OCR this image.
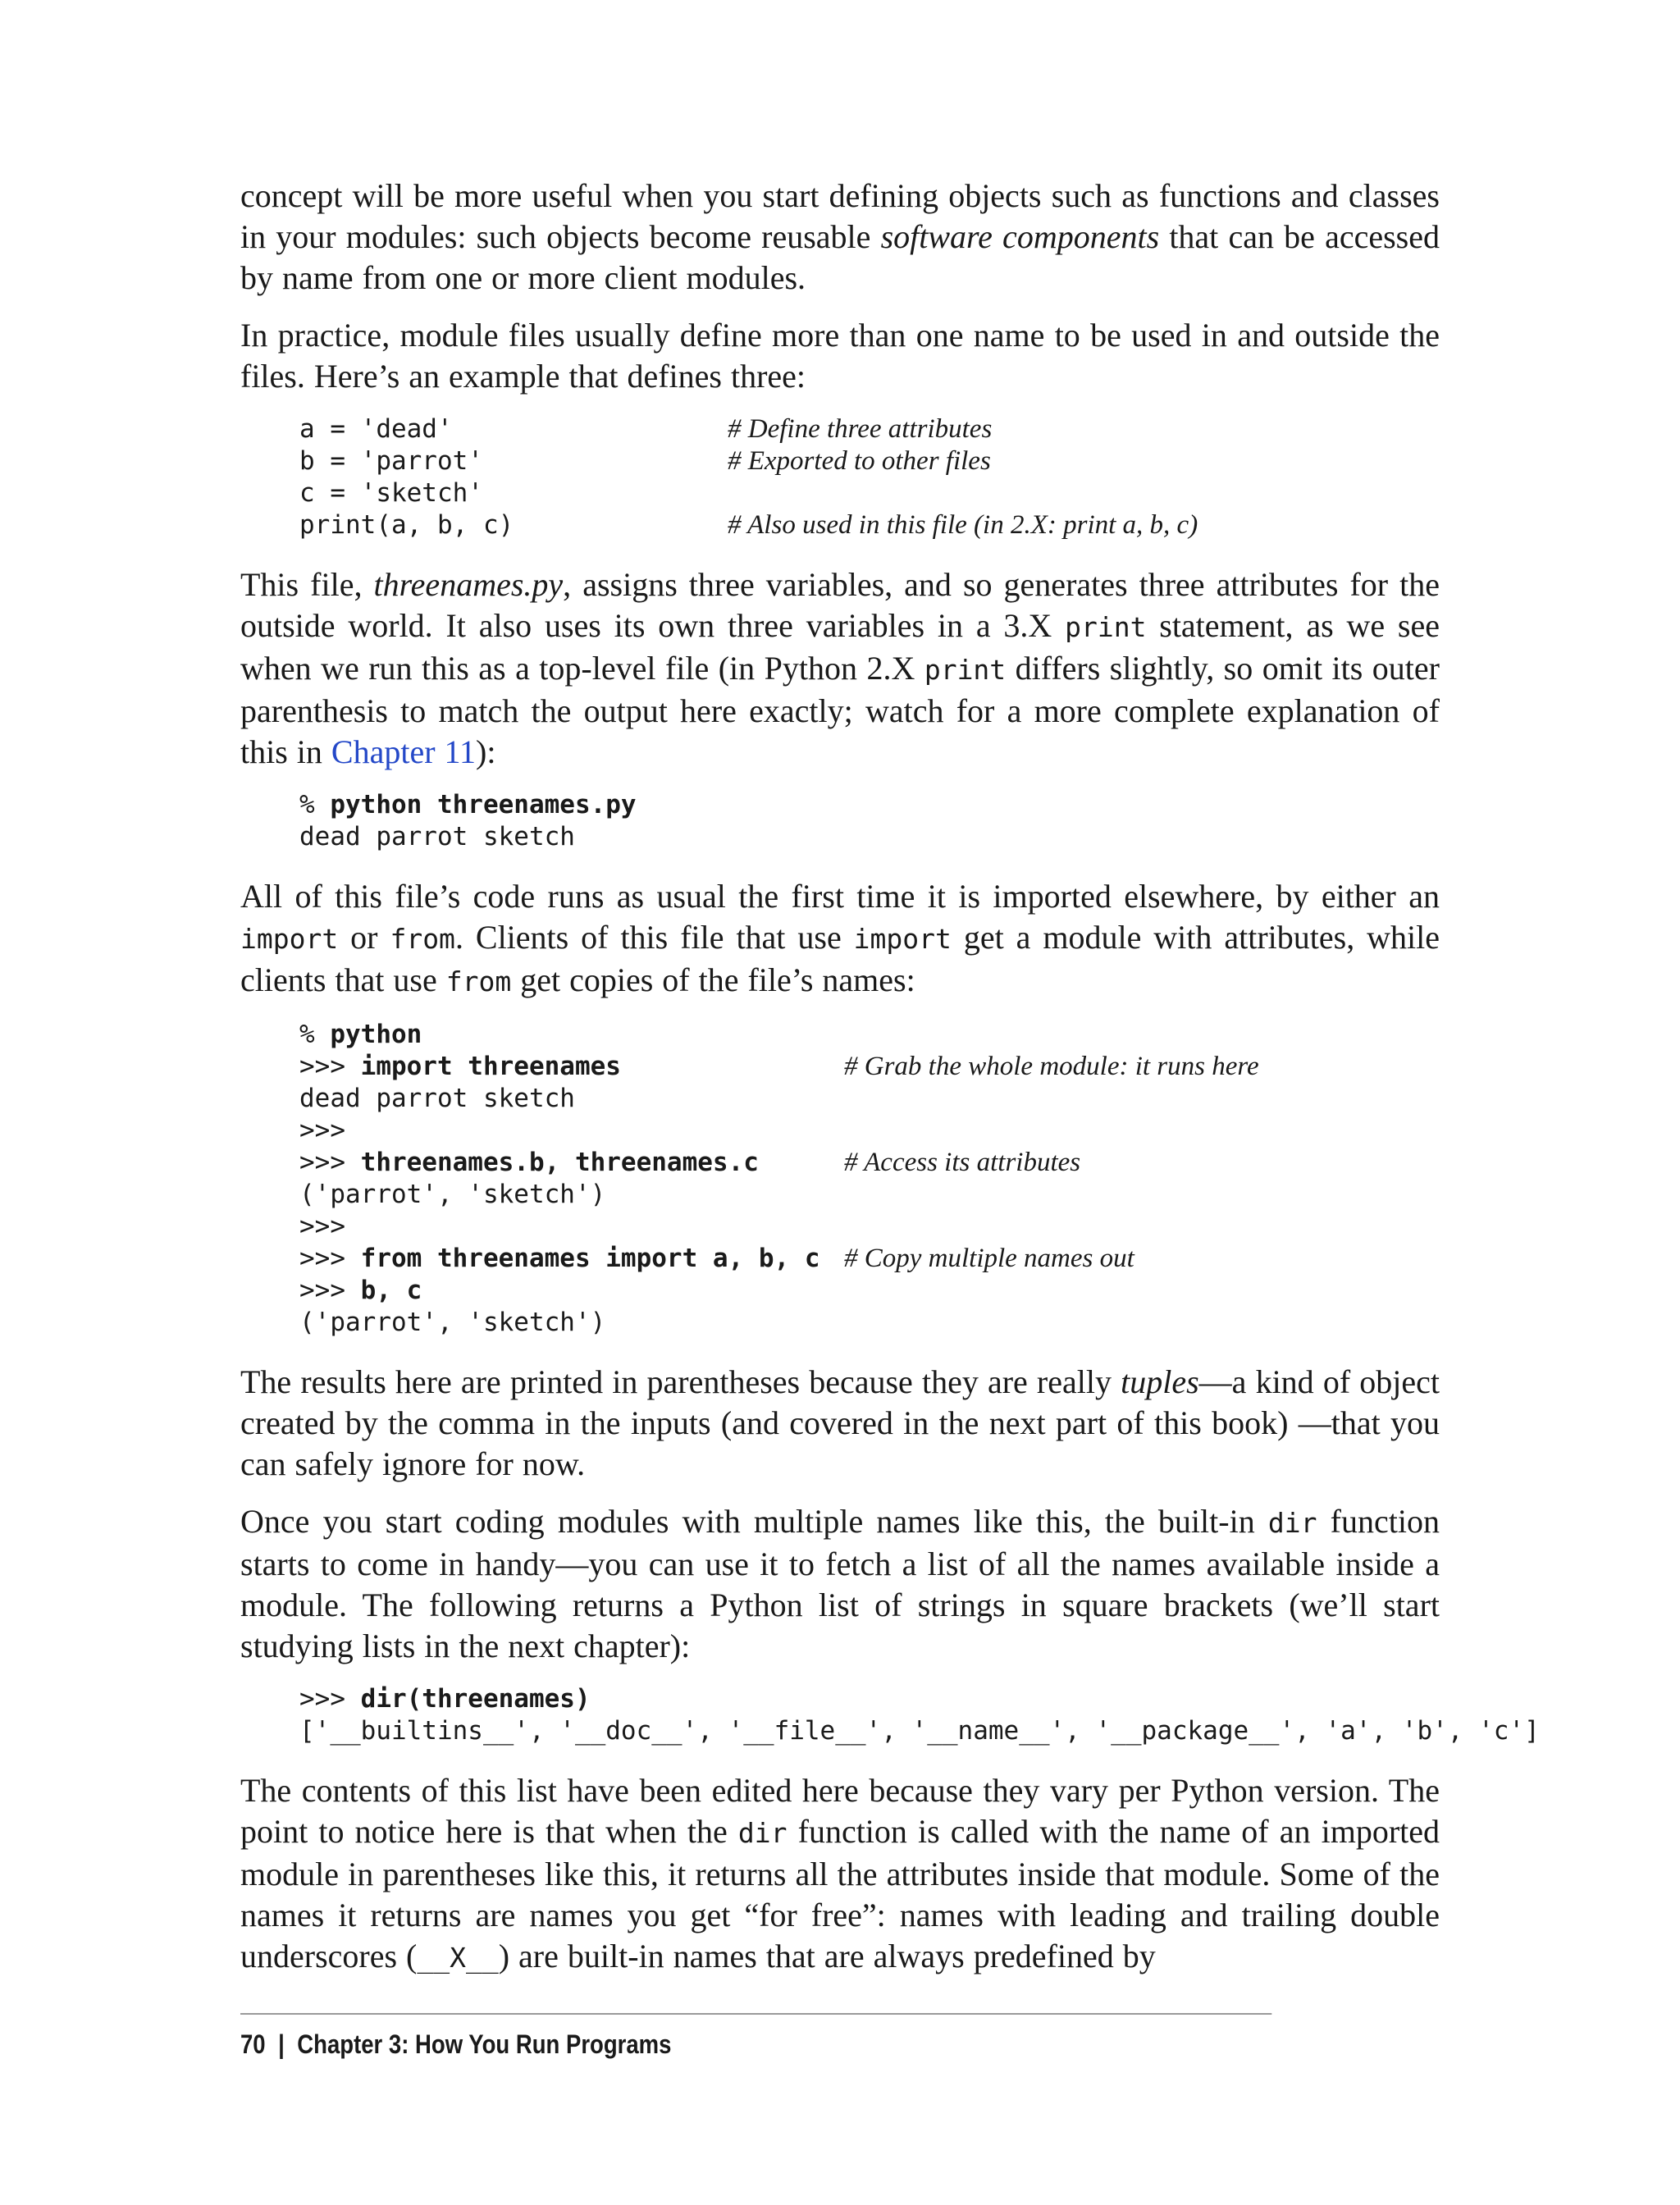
concept will be more useful when you start defining objects such as functions and classes in your modules: such objects become reusable software components that can be accessed by name from one or more client modules.

In practice, module files usually define more than one name to be used in and outside the files. Here’s an example that defines three:

a = 'dead'	# Define three attributes
b = 'parrot'	# Exported to other files
c = 'sketch'
print(a, b, c)	# Also used in this file (in 2.X: print a, b, c)

This file, threenames.py, assigns three variables, and so generates three attributes for the outside world. It also uses its own three variables in a 3.X print statement, as we see when we run this as a top-level file (in Python 2.X print differs slightly, so omit its outer parenthesis to match the output here exactly; watch for a more complete explanation of this in Chapter 11):

% python threenames.py
dead parrot sketch

All of this file’s code runs as usual the first time it is imported elsewhere, by either an import or from. Clients of this file that use import get a module with attributes, while clients that use from get copies of the file’s names:

% python
>>> import threenames	# Grab the whole module: it runs here
dead parrot sketch
>>>
>>> threenames.b, threenames.c	# Access its attributes
('parrot', 'sketch')
>>>
>>> from threenames import a, b, c # Copy multiple names out
>>> b, c
('parrot', 'sketch')

The results here are printed in parentheses because they are really tuples—a kind of object created by the comma in the inputs (and covered in the next part of this book) —that you can safely ignore for now.

Once you start coding modules with multiple names like this, the built-in dir function starts to come in handy—you can use it to fetch a list of all the names available inside a module. The following returns a Python list of strings in square brackets (we’ll start studying lists in the next chapter):

>>> dir(threenames)
['__builtins__', '__doc__', '__file__', '__name__', '__package__', 'a', 'b', 'c']

The contents of this list have been edited here because they vary per Python version. The point to notice here is that when the dir function is called with the name of an imported module in parentheses like this, it returns all the attributes inside that module. Some of the names it returns are names you get “for free”: names with leading and trailing double underscores (__X__) are built-in names that are always predefined by

70 | Chapter 3: How You Run Programs
